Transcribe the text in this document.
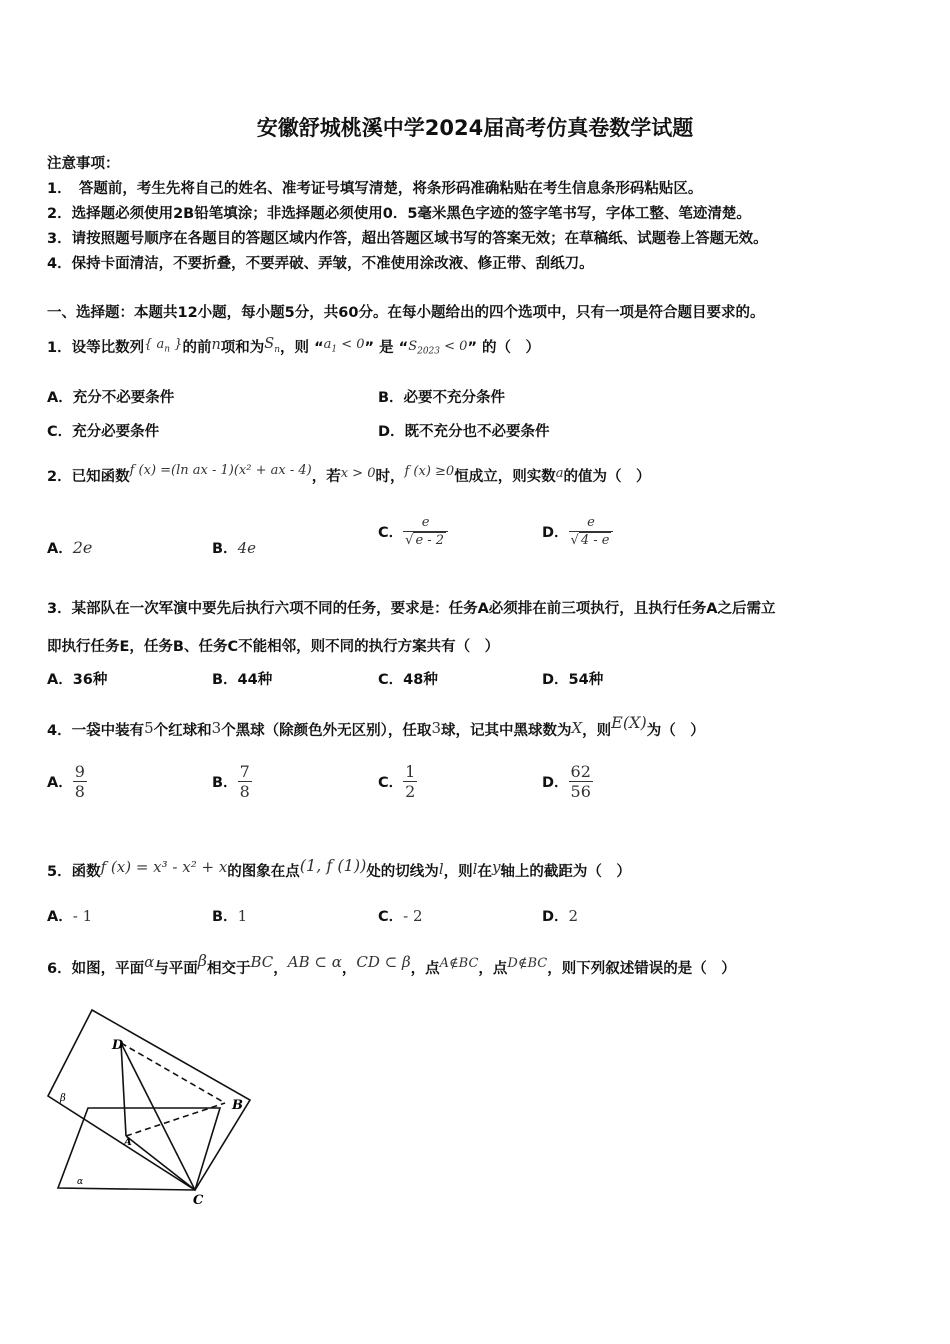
安徽舒城桃溪中学2024届高考仿真卷数学试题
注意事项：
1．　答题前，考生先将自己的姓名、准考证号填写清楚，将条形码准确粘贴在考生信息条形码粘贴区。
2．选择题必须使用2B铅笔填涂；非选择题必须使用0．5毫米黑色字迹的签字笔书写，字体工整、笔迹清楚。
3．请按照题号顺序在各题目的答题区域内作答，超出答题区域书写的答案无效；在草稿纸、试题卷上答题无效。
4．保持卡面清洁，不要折叠，不要弄破、弄皱，不准使用涂改液、修正带、刮纸刀。
一、选择题：本题共12小题，每小题5分，共60分。在每小题给出的四个选项中，只有一项是符合题目要求的。
1．设等比数列{ $a_n$ }的前n项和为$S_n$，则 “$a_1 < 0$” 是 “$S_{2023} < 0$” 的（　）
A．充分不必要条件	B．必要不充分条件
C．充分必要条件	D．既不充分也不必要条件
2．已知函数f (x) =(ln ax - 1)(x² + ax - 4)，若x > 0时，f (x) ≥0恒成立，则实数a的值为（　）
A．2e	B．4e
C． $\frac{e}{√ e - 2}$	D． $\frac{e}{√ 4 - e}$
3．某部队在一次军演中要先后执行六项不同的任务，要求是：任务A必须排在前三项执行，且执行任务A之后需立
即执行任务E，任务B、任务C不能相邻，则不同的执行方案共有（　）
A．36种	B．44种	C．48种	D．54种
4．一袋中装有5个红球和3个黑球（除颜色外无区别），任取3球，记其中黑球数为X，则E(X)为（　）
A． $\frac{9}{8}$	B． $\frac{7}{8}$	C． $\frac{1}{2}$	D． $\frac{62}{56}$
5．函数f (x) = x³ - x² + x的图象在点(1, f (1))处的切线为l，则l在y轴上的截距为（　）
A．- 1	B．1	C．- 2	D．2
6．如图，平面α与平面β相交于BC，AB ⊂ α，CD ⊂ β，点A∉BC，点D∉BC，则下列叙述错误的是（　）
D
B
A
C
β
α
